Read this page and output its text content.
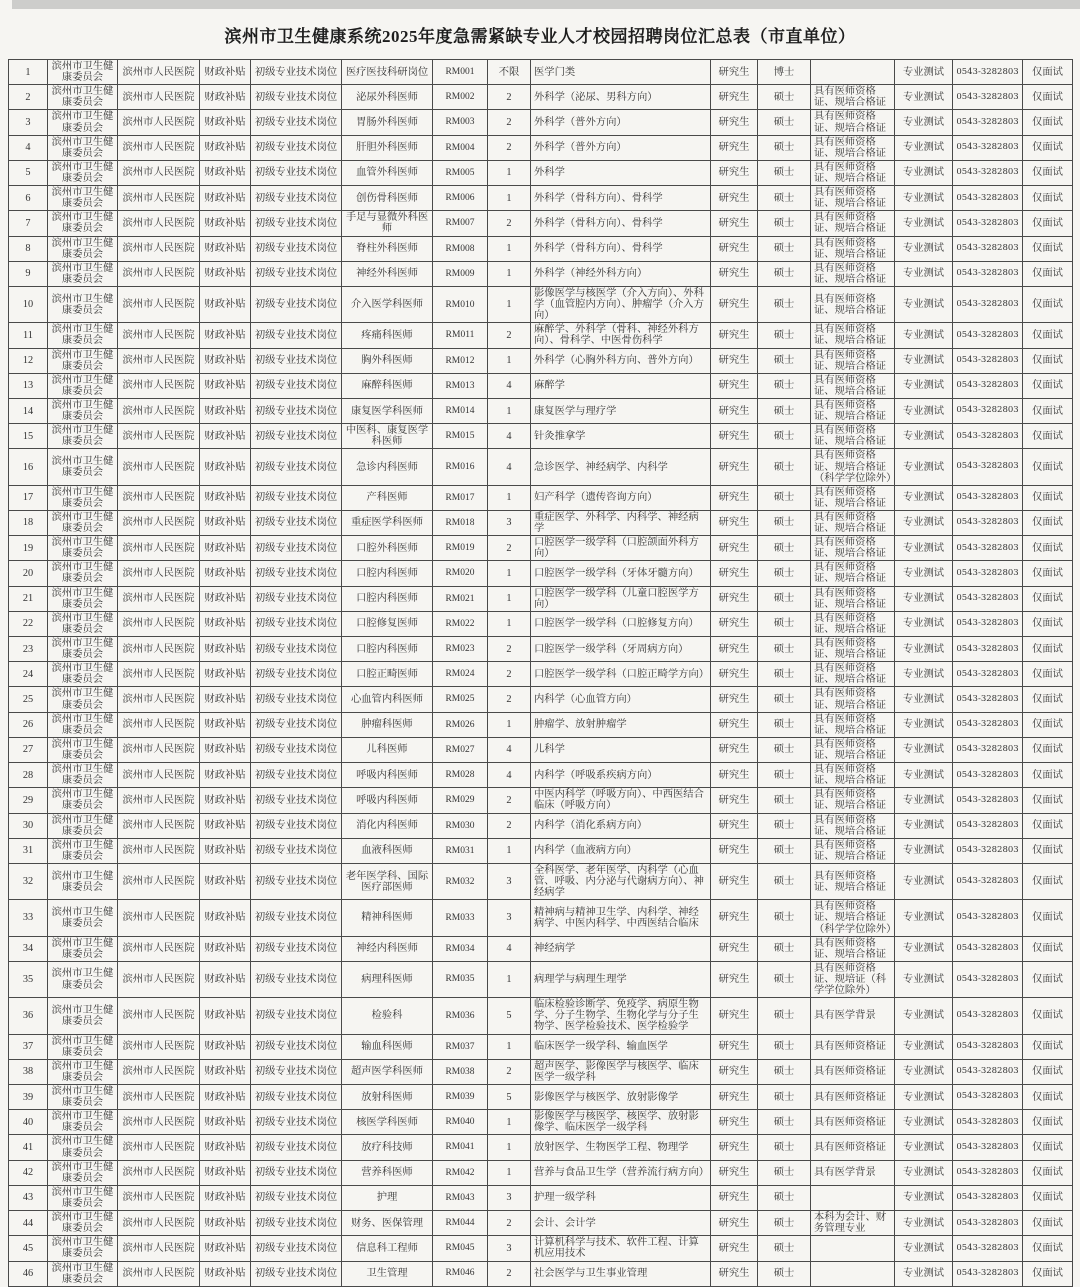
滨州市卫生健康系统2025年度急需紧缺专业人才校园招聘岗位汇总表（市直单位）
1	滨州市卫生健康委员会	滨州市人民医院	财政补贴	初级专业技术岗位	医疗医技科研岗位	RM001	不限	医学门类	研究生	博士		专业测试	0543-3282803	仅面试
2	滨州市卫生健康委员会	滨州市人民医院	财政补贴	初级专业技术岗位	泌尿外科医师	RM002	2	外科学（泌尿、男科方向）	研究生	硕士	具有医师资格证、规培合格证	专业测试	0543-3282803	仅面试
3	滨州市卫生健康委员会	滨州市人民医院	财政补贴	初级专业技术岗位	胃肠外科医师	RM003	2	外科学（普外方向）	研究生	硕士	具有医师资格证、规培合格证	专业测试	0543-3282803	仅面试
4	滨州市卫生健康委员会	滨州市人民医院	财政补贴	初级专业技术岗位	肝胆外科医师	RM004	2	外科学（普外方向）	研究生	硕士	具有医师资格证、规培合格证	专业测试	0543-3282803	仅面试
5	滨州市卫生健康委员会	滨州市人民医院	财政补贴	初级专业技术岗位	血管外科医师	RM005	1	外科学	研究生	硕士	具有医师资格证、规培合格证	专业测试	0543-3282803	仅面试
6	滨州市卫生健康委员会	滨州市人民医院	财政补贴	初级专业技术岗位	创伤骨科医师	RM006	1	外科学（骨科方向）、骨科学	研究生	硕士	具有医师资格证、规培合格证	专业测试	0543-3282803	仅面试
7	滨州市卫生健康委员会	滨州市人民医院	财政补贴	初级专业技术岗位	手足与显微外科医师	RM007	2	外科学（骨科方向）、骨科学	研究生	硕士	具有医师资格证、规培合格证	专业测试	0543-3282803	仅面试
8	滨州市卫生健康委员会	滨州市人民医院	财政补贴	初级专业技术岗位	脊柱外科医师	RM008	1	外科学（骨科方向）、骨科学	研究生	硕士	具有医师资格证、规培合格证	专业测试	0543-3282803	仅面试
9	滨州市卫生健康委员会	滨州市人民医院	财政补贴	初级专业技术岗位	神经外科医师	RM009	1	外科学（神经外科方向）	研究生	硕士	具有医师资格证、规培合格证	专业测试	0543-3282803	仅面试
10	滨州市卫生健康委员会	滨州市人民医院	财政补贴	初级专业技术岗位	介入医学科医师	RM010	1	影像医学与核医学（介入方向）、外科学（血管腔内方向）、肿瘤学（介入方向）	研究生	硕士	具有医师资格证、规培合格证	专业测试	0543-3282803	仅面试
11	滨州市卫生健康委员会	滨州市人民医院	财政补贴	初级专业技术岗位	疼痛科医师	RM011	2	麻醉学、外科学（骨科、神经外科方向）、骨科学、中医骨伤科学	研究生	硕士	具有医师资格证、规培合格证	专业测试	0543-3282803	仅面试
12	滨州市卫生健康委员会	滨州市人民医院	财政补贴	初级专业技术岗位	胸外科医师	RM012	1	外科学（心胸外科方向、普外方向）	研究生	硕士	具有医师资格证、规培合格证	专业测试	0543-3282803	仅面试
13	滨州市卫生健康委员会	滨州市人民医院	财政补贴	初级专业技术岗位	麻醉科医师	RM013	4	麻醉学	研究生	硕士	具有医师资格证、规培合格证	专业测试	0543-3282803	仅面试
14	滨州市卫生健康委员会	滨州市人民医院	财政补贴	初级专业技术岗位	康复医学科医师	RM014	1	康复医学与理疗学	研究生	硕士	具有医师资格证、规培合格证	专业测试	0543-3282803	仅面试
15	滨州市卫生健康委员会	滨州市人民医院	财政补贴	初级专业技术岗位	中医科、康复医学科医师	RM015	4	针灸推拿学	研究生	硕士	具有医师资格证、规培合格证	专业测试	0543-3282803	仅面试
16	滨州市卫生健康委员会	滨州市人民医院	财政补贴	初级专业技术岗位	急诊内科医师	RM016	4	急诊医学、神经病学、内科学	研究生	硕士	具有医师资格证、规培合格证（科学学位除外）	专业测试	0543-3282803	仅面试
17	滨州市卫生健康委员会	滨州市人民医院	财政补贴	初级专业技术岗位	产科医师	RM017	1	妇产科学（遗传咨询方向）	研究生	硕士	具有医师资格证、规培合格证	专业测试	0543-3282803	仅面试
18	滨州市卫生健康委员会	滨州市人民医院	财政补贴	初级专业技术岗位	重症医学科医师	RM018	3	重症医学、外科学、内科学、神经病学	研究生	硕士	具有医师资格证、规培合格证	专业测试	0543-3282803	仅面试
19	滨州市卫生健康委员会	滨州市人民医院	财政补贴	初级专业技术岗位	口腔外科医师	RM019	2	口腔医学一级学科（口腔颌面外科方向）	研究生	硕士	具有医师资格证、规培合格证	专业测试	0543-3282803	仅面试
20	滨州市卫生健康委员会	滨州市人民医院	财政补贴	初级专业技术岗位	口腔内科医师	RM020	1	口腔医学一级学科（牙体牙髓方向）	研究生	硕士	具有医师资格证、规培合格证	专业测试	0543-3282803	仅面试
21	滨州市卫生健康委员会	滨州市人民医院	财政补贴	初级专业技术岗位	口腔内科医师	RM021	1	口腔医学一级学科（儿童口腔医学方向）	研究生	硕士	具有医师资格证、规培合格证	专业测试	0543-3282803	仅面试
22	滨州市卫生健康委员会	滨州市人民医院	财政补贴	初级专业技术岗位	口腔修复医师	RM022	1	口腔医学一级学科（口腔修复方向）	研究生	硕士	具有医师资格证、规培合格证	专业测试	0543-3282803	仅面试
23	滨州市卫生健康委员会	滨州市人民医院	财政补贴	初级专业技术岗位	口腔内科医师	RM023	2	口腔医学一级学科（牙周病方向）	研究生	硕士	具有医师资格证、规培合格证	专业测试	0543-3282803	仅面试
24	滨州市卫生健康委员会	滨州市人民医院	财政补贴	初级专业技术岗位	口腔正畸医师	RM024	2	口腔医学一级学科（口腔正畸学方向）	研究生	硕士	具有医师资格证、规培合格证	专业测试	0543-3282803	仅面试
25	滨州市卫生健康委员会	滨州市人民医院	财政补贴	初级专业技术岗位	心血管内科医师	RM025	2	内科学（心血管方向）	研究生	硕士	具有医师资格证、规培合格证	专业测试	0543-3282803	仅面试
26	滨州市卫生健康委员会	滨州市人民医院	财政补贴	初级专业技术岗位	肿瘤科医师	RM026	1	肿瘤学、放射肿瘤学	研究生	硕士	具有医师资格证、规培合格证	专业测试	0543-3282803	仅面试
27	滨州市卫生健康委员会	滨州市人民医院	财政补贴	初级专业技术岗位	儿科医师	RM027	4	儿科学	研究生	硕士	具有医师资格证、规培合格证	专业测试	0543-3282803	仅面试
28	滨州市卫生健康委员会	滨州市人民医院	财政补贴	初级专业技术岗位	呼吸内科医师	RM028	4	内科学（呼吸系疾病方向）	研究生	硕士	具有医师资格证、规培合格证	专业测试	0543-3282803	仅面试
29	滨州市卫生健康委员会	滨州市人民医院	财政补贴	初级专业技术岗位	呼吸内科医师	RM029	2	中医内科学（呼吸方向）、中西医结合临床（呼吸方向）	研究生	硕士	具有医师资格证、规培合格证	专业测试	0543-3282803	仅面试
30	滨州市卫生健康委员会	滨州市人民医院	财政补贴	初级专业技术岗位	消化内科医师	RM030	2	内科学（消化系病方向）	研究生	硕士	具有医师资格证、规培合格证	专业测试	0543-3282803	仅面试
31	滨州市卫生健康委员会	滨州市人民医院	财政补贴	初级专业技术岗位	血液科医师	RM031	1	内科学（血液病方向）	研究生	硕士	具有医师资格证、规培合格证	专业测试	0543-3282803	仅面试
32	滨州市卫生健康委员会	滨州市人民医院	财政补贴	初级专业技术岗位	老年医学科、国际医疗部医师	RM032	3	全科医学、老年医学、内科学（心血管、呼吸、内分泌与代谢病方向）、神经病学	研究生	硕士	具有医师资格证、规培合格证	专业测试	0543-3282803	仅面试
33	滨州市卫生健康委员会	滨州市人民医院	财政补贴	初级专业技术岗位	精神科医师	RM033	3	精神病与精神卫生学、内科学、神经病学、中医内科学、中西医结合临床	研究生	硕士	具有医师资格证、规培合格证（科学学位除外）	专业测试	0543-3282803	仅面试
34	滨州市卫生健康委员会	滨州市人民医院	财政补贴	初级专业技术岗位	神经内科医师	RM034	4	神经病学	研究生	硕士	具有医师资格证、规培合格证	专业测试	0543-3282803	仅面试
35	滨州市卫生健康委员会	滨州市人民医院	财政补贴	初级专业技术岗位	病理科医师	RM035	1	病理学与病理生理学	研究生	硕士	具有医师资格证、规培证（科学学位除外）	专业测试	0543-3282803	仅面试
36	滨州市卫生健康委员会	滨州市人民医院	财政补贴	初级专业技术岗位	检验科	RM036	5	临床检验诊断学、免疫学、病原生物学、分子生物学、生物化学与分子生物学、医学检验技术、医学检验学	研究生	硕士	具有医学背景	专业测试	0543-3282803	仅面试
37	滨州市卫生健康委员会	滨州市人民医院	财政补贴	初级专业技术岗位	输血科医师	RM037	1	临床医学一级学科、输血医学	研究生	硕士	具有医师资格证	专业测试	0543-3282803	仅面试
38	滨州市卫生健康委员会	滨州市人民医院	财政补贴	初级专业技术岗位	超声医学科医师	RM038	2	超声医学、影像医学与核医学、临床医学一级学科	研究生	硕士	具有医师资格证	专业测试	0543-3282803	仅面试
39	滨州市卫生健康委员会	滨州市人民医院	财政补贴	初级专业技术岗位	放射科医师	RM039	5	影像医学与核医学、放射影像学	研究生	硕士	具有医师资格证	专业测试	0543-3282803	仅面试
40	滨州市卫生健康委员会	滨州市人民医院	财政补贴	初级专业技术岗位	核医学科医师	RM040	1	影像医学与核医学、核医学、放射影像学、临床医学一级学科	研究生	硕士	具有医师资格证	专业测试	0543-3282803	仅面试
41	滨州市卫生健康委员会	滨州市人民医院	财政补贴	初级专业技术岗位	放疗科技师	RM041	1	放射医学、生物医学工程、物理学	研究生	硕士	具有医师资格证	专业测试	0543-3282803	仅面试
42	滨州市卫生健康委员会	滨州市人民医院	财政补贴	初级专业技术岗位	营养科医师	RM042	1	营养与食品卫生学（营养流行病方向）	研究生	硕士	具有医学背景	专业测试	0543-3282803	仅面试
43	滨州市卫生健康委员会	滨州市人民医院	财政补贴	初级专业技术岗位	护理	RM043	3	护理一级学科	研究生	硕士		专业测试	0543-3282803	仅面试
44	滨州市卫生健康委员会	滨州市人民医院	财政补贴	初级专业技术岗位	财务、医保管理	RM044	2	会计、会计学	研究生	硕士	本科为会计、财务管理专业	专业测试	0543-3282803	仅面试
45	滨州市卫生健康委员会	滨州市人民医院	财政补贴	初级专业技术岗位	信息科工程师	RM045	3	计算机科学与技术、软件工程、计算机应用技术	研究生	硕士		专业测试	0543-3282803	仅面试
46	滨州市卫生健康委员会	滨州市人民医院	财政补贴	初级专业技术岗位	卫生管理	RM046	2	社会医学与卫生事业管理	研究生	硕士		专业测试	0543-3282803	仅面试
